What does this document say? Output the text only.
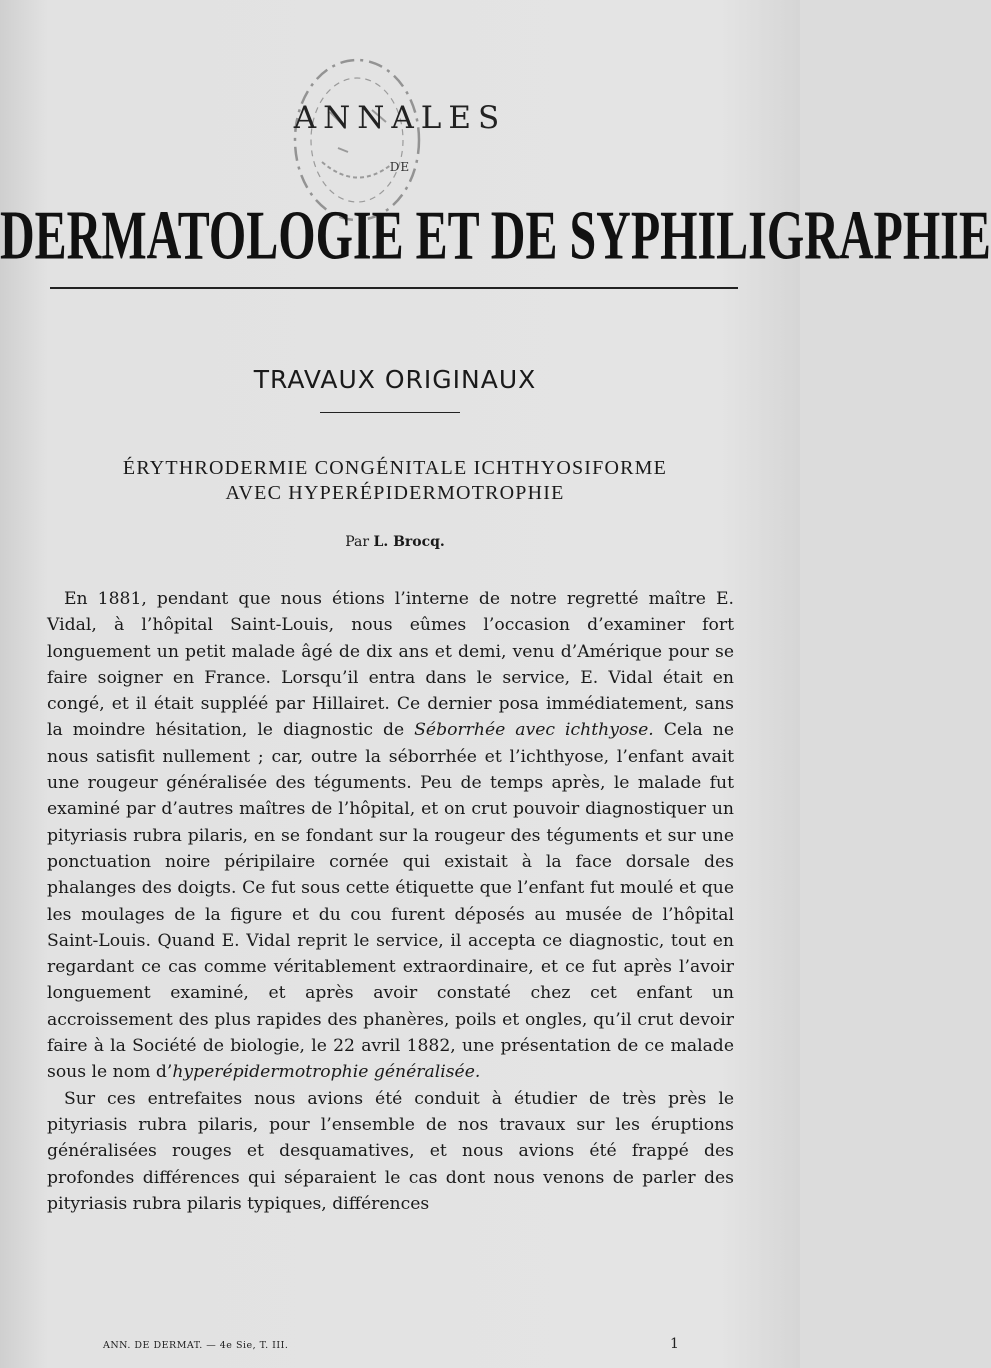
ANNALES
DE
DERMATOLOGIE ET DE SYPHILIGRAPHIE
TRAVAUX ORIGINAUX
ÉRYTHRODERMIE CONGÉNITALE ICHTHYOSIFORME
AVEC HYPERÉPIDERMOTROPHIE
Par L. Brocq.

En 1881, pendant que nous étions l’interne de notre regretté maître E. Vidal, à l’hôpital Saint-Louis, nous eûmes l’occasion d’examiner fort longuement un petit malade âgé de dix ans et demi, venu d’Amérique pour se faire soigner en France. Lorsqu’il entra dans le service, E. Vidal était en congé, et il était suppléé par Hillairet. Ce dernier posa immédiatement, sans la moindre hésitation, le diagnostic de Séborrhée avec ichthyose. Cela ne nous satisfit nullement ; car, outre la séborrhée et l’ichthyose, l’enfant avait une rougeur généralisée des téguments. Peu de temps après, le malade fut examiné par d’autres maîtres de l’hôpital, et on crut pouvoir diagnostiquer un pityriasis rubra pilaris, en se fondant sur la rougeur des téguments et sur une ponctuation noire péripilaire cornée qui existait à la face dorsale des phalanges des doigts. Ce fut sous cette étiquette que l’enfant fut moulé et que les moulages de la figure et du cou furent déposés au musée de l’hôpital Saint-Louis. Quand E. Vidal reprit le service, il accepta ce diagnostic, tout en regardant ce cas comme véritablement extraordinaire, et ce fut après l’avoir longuement examiné, et après avoir constaté chez cet enfant un accroissement des plus rapides des phanères, poils et ongles, qu’il crut devoir faire à la Société de biologie, le 22 avril 1882, une présentation de ce malade sous le nom d’hyperépidermotrophie généralisée.

Sur ces entrefaites nous avions été conduit à étudier de très près le pityriasis rubra pilaris, pour l’ensemble de nos travaux sur les éruptions généralisées rouges et desquamatives, et nous avions été frappé des profondes différences qui séparaient le cas dont nous venons de parler des pityriasis rubra pilaris typiques, différences

ANN. DE DERMAT. — 4e Sie, T. III.	1
